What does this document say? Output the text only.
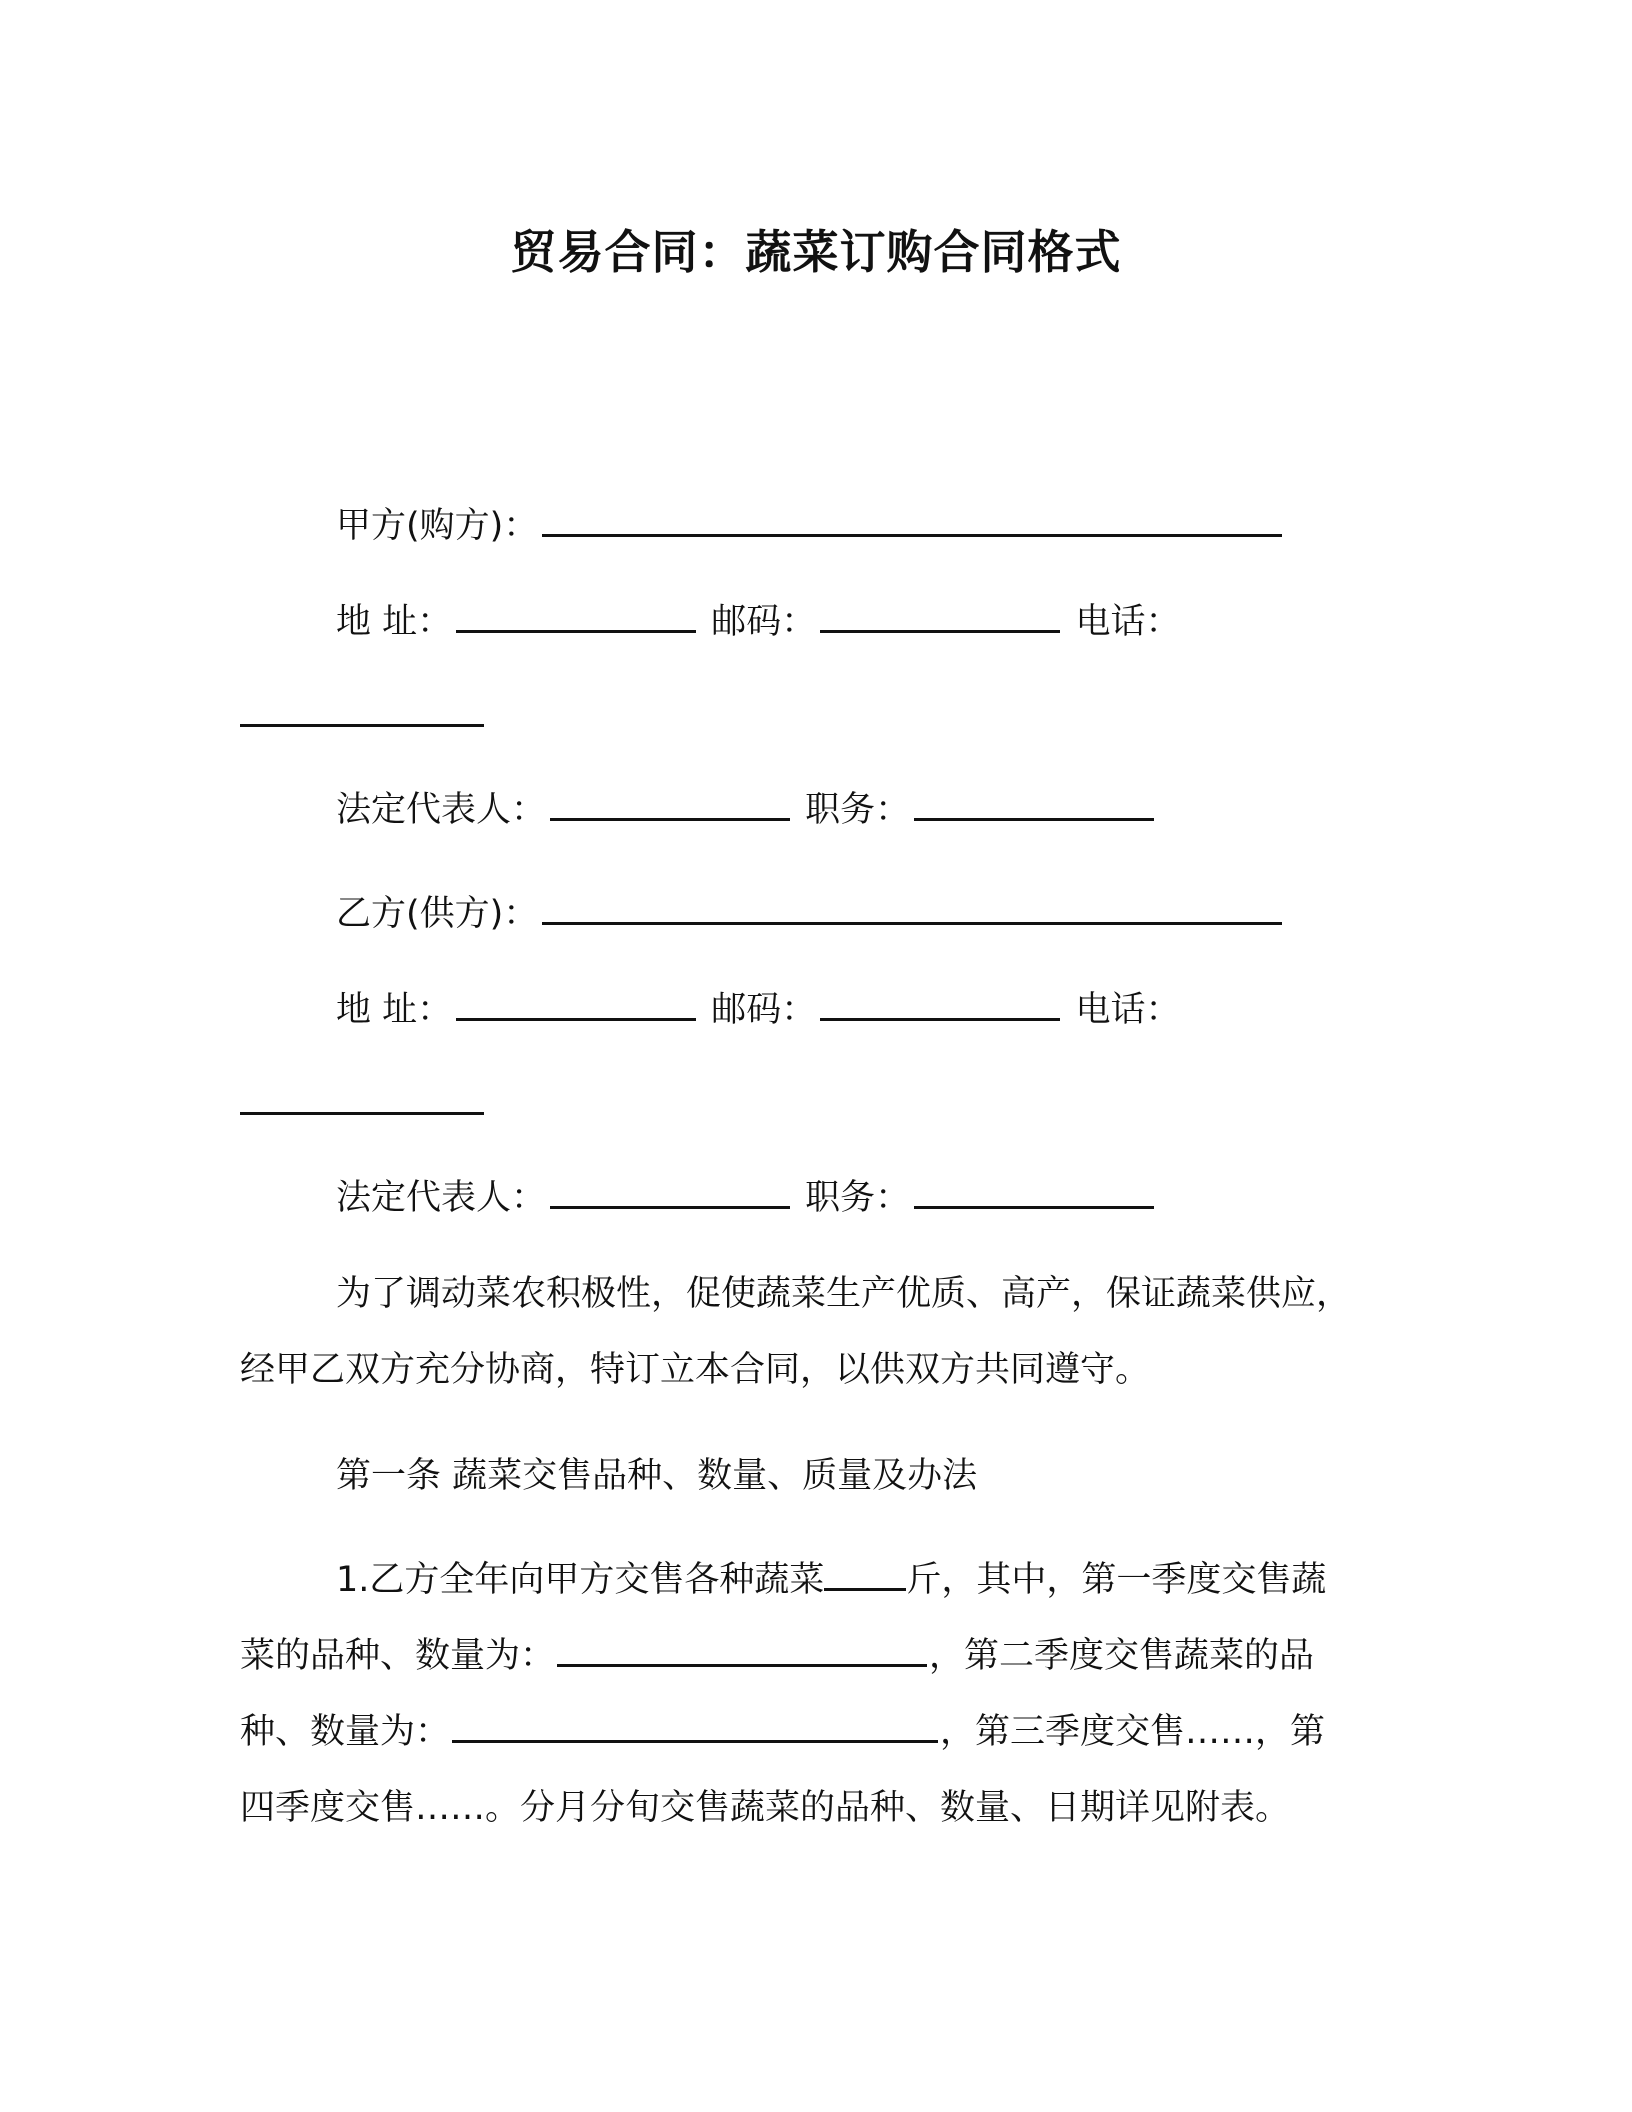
贸易合同：蔬菜订购合同格式
甲方(购方)：
地 址：	邮码：	电话：
法定代表人：	职务：
乙方(供方)：
地 址：	邮码：	电话：
法定代表人：	职务：
为了调动菜农积极性，促使蔬菜生产优质、高产，保证蔬菜供应，
经甲乙双方充分协商，特订立本合同，以供双方共同遵守。
第一条 蔬菜交售品种、数量、质量及办法
1.乙方全年向甲方交售各种蔬菜 斤，其中，第一季度交售蔬
菜的品种、数量为：	，第二季度交售蔬菜的品
种、数量为：	，第三季度交售……，第
四季度交售……。分月分旬交售蔬菜的品种、数量、日期详见附表。
